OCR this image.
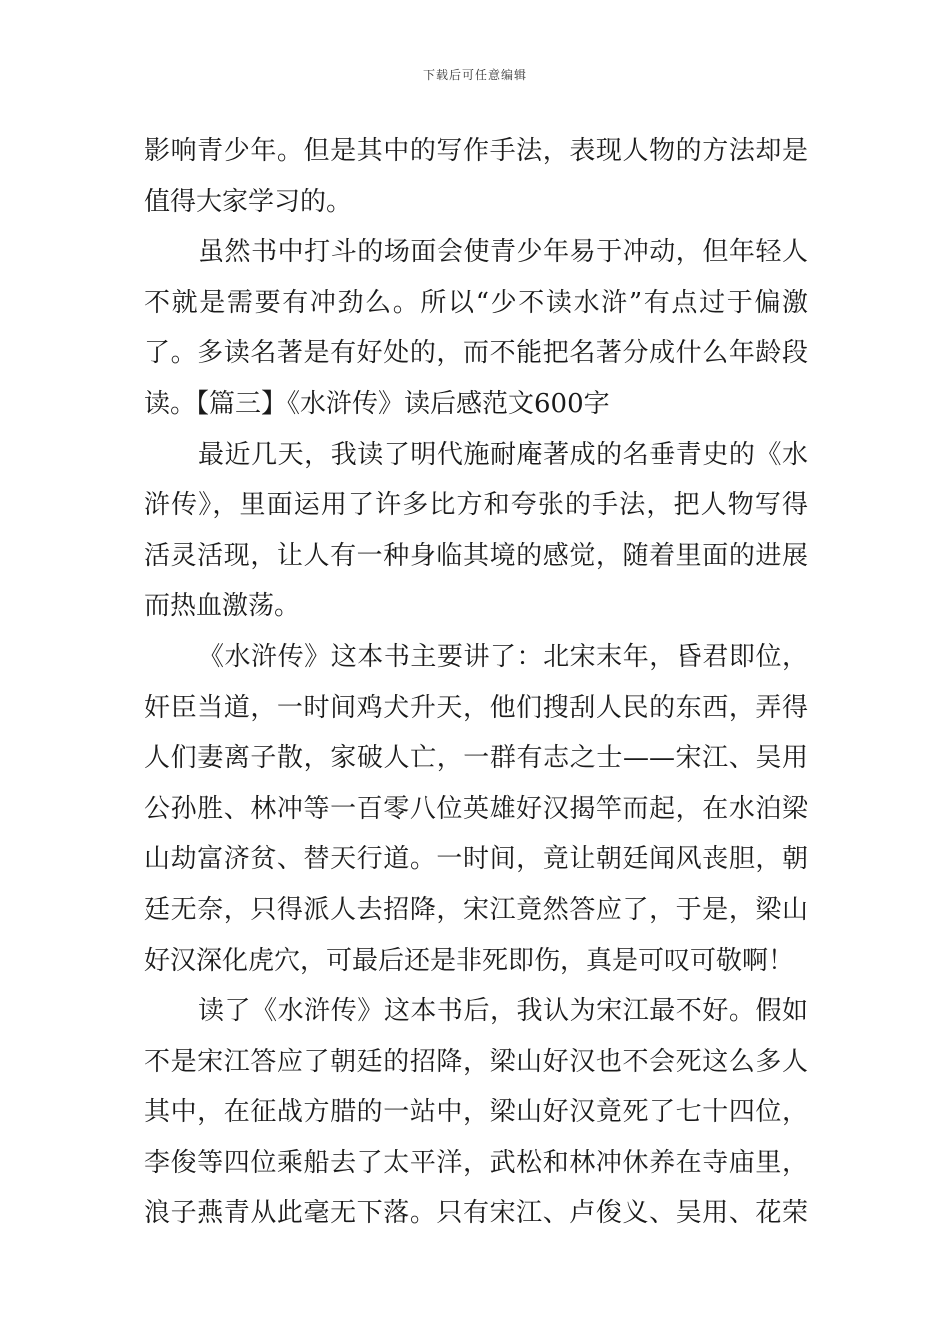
下载后可任意编辑
影响青少年。但是其中的写作手法，表现人物的方法却是
值得大家学习的。
虽然书中打斗的场面会使青少年易于冲动，但年轻人
不就是需要有冲劲么。所以“少不读水浒”有点过于偏激
了。多读名著是有好处的，而不能把名著分成什么年龄段
读。【篇三】《水浒传》读后感范文600字
最近几天，我读了明代施耐庵著成的名垂青史的《水
浒传》，里面运用了许多比方和夸张的手法，把人物写得
活灵活现，让人有一种身临其境的感觉，随着里面的进展
而热血激荡。
《水浒传》这本书主要讲了：北宋末年，昏君即位，
奸臣当道，一时间鸡犬升天，他们搜刮人民的东西，弄得
人们妻离子散，家破人亡，一群有志之士——宋江、吴用
公孙胜、林冲等一百零八位英雄好汉揭竿而起，在水泊梁
山劫富济贫、替天行道。一时间，竟让朝廷闻风丧胆，朝
廷无奈，只得派人去招降，宋江竟然答应了，于是，梁山
好汉深化虎穴，可最后还是非死即伤，真是可叹可敬啊！
读了《水浒传》这本书后，我认为宋江最不好。假如
不是宋江答应了朝廷的招降，梁山好汉也不会死这么多人
其中，在征战方腊的一站中，梁山好汉竟死了七十四位，
李俊等四位乘船去了太平洋，武松和林冲休养在寺庙里，
浪子燕青从此毫无下落。只有宋江、卢俊义、吴用、花荣
